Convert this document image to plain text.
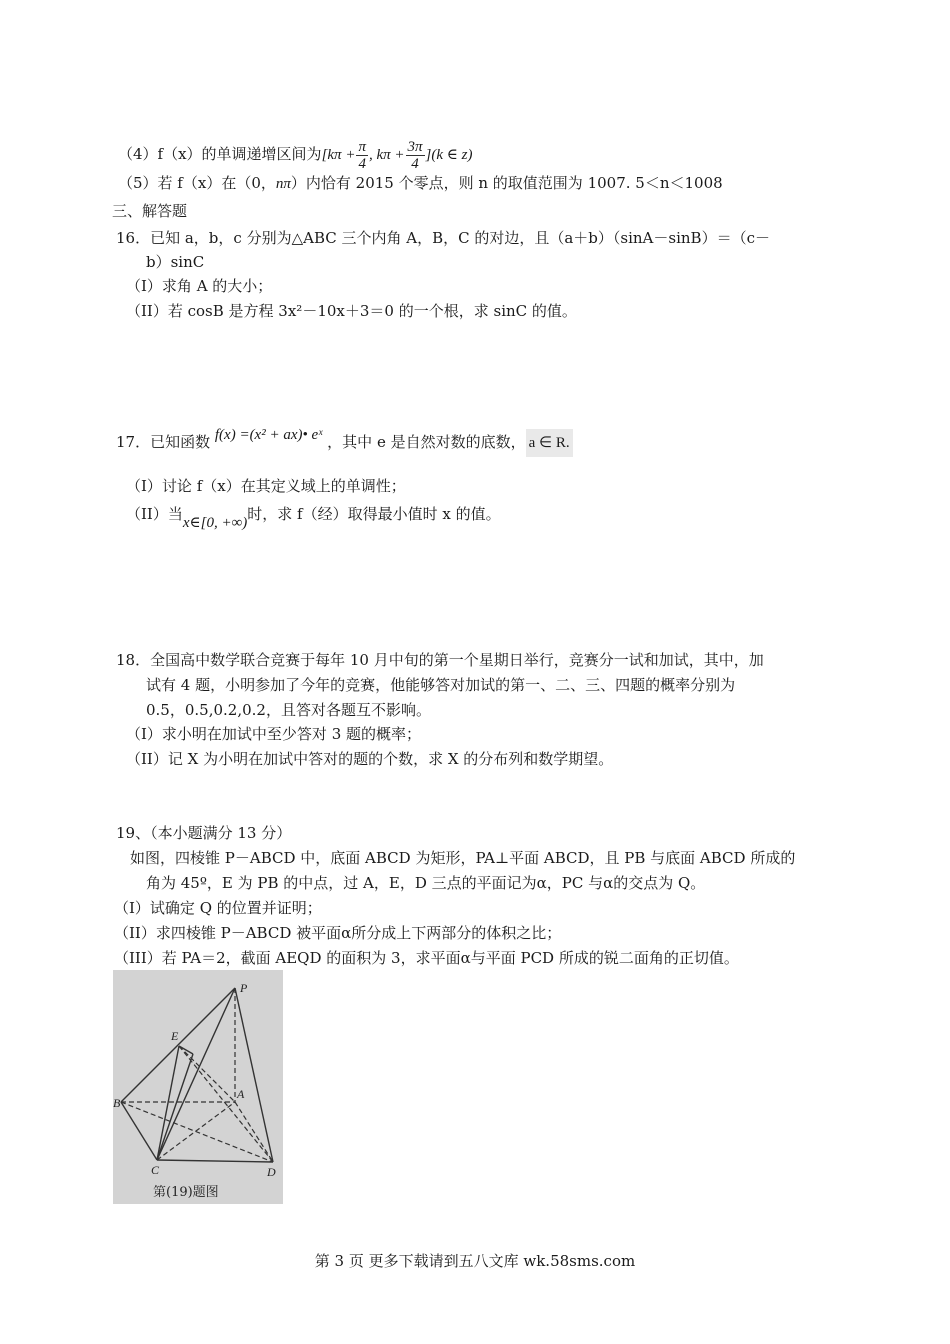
（4）f（x）的单调递增区间为[$k\pi + \frac{\pi}{4}$ , $k\pi + \frac{3\pi}{4} ](k$ ∈ z)
（5）若 f（x）在（0，nπ）内恰有 2015 个零点，则 n 的取值范围为 1007. 5＜n＜1008
三、解答题
16．已知 a，b，c 分别为△ABC 三个内角 A，B，C 的对边，且（a＋b）（sinA－sinB）＝（c－
b）sinC
（I）求角 A 的大小；
（II）若 cosB 是方程 3x²－10x＋3＝0 的一个根，求 sinC 的值。
17．已知函数 f(x) =(x² + ax)• eˣ ，其中 e 是自然对数的底数， a ∈ R.
（I）讨论 f（x）在其定义域上的单调性；
（II）当x∈[0, +∞)时，求 f（经）取得最小值时 x 的值。
18．全国高中数学联合竞赛于每年 10 月中旬的第一个星期日举行，竞赛分一试和加试，其中，加
试有 4 题，小明参加了今年的竞赛，他能够答对加试的第一、二、三、四题的概率分别为
0.5，0.5,0.2,0.2，且答对各题互不影响。
（I）求小明在加试中至少答对 3 题的概率；
（II）记 X 为小明在加试中答对的题的个数，求 X 的分布列和数学期望。
19、（本小题满分 13 分）
如图，四棱锥 P－ABCD 中，底面 ABCD 为矩形，PA⊥平面 ABCD，且 PB 与底面 ABCD 所成的
角为 45º，E 为 PB 的中点，过 A，E，D 三点的平面记为α，PC 与α的交点为 Q。
（I）试确定 Q 的位置并证明；
（II）求四棱锥 P－ABCD 被平面α所分成上下两部分的体积之比；
（III）若 PA＝2，截面 AEQD 的面积为 3，求平面α与平面 PCD 所成的锐二面角的正切值。
P
E
B
A
C	D
第(19)题图
第 3 页 更多下载请到五八文库 wk.58sms.com
